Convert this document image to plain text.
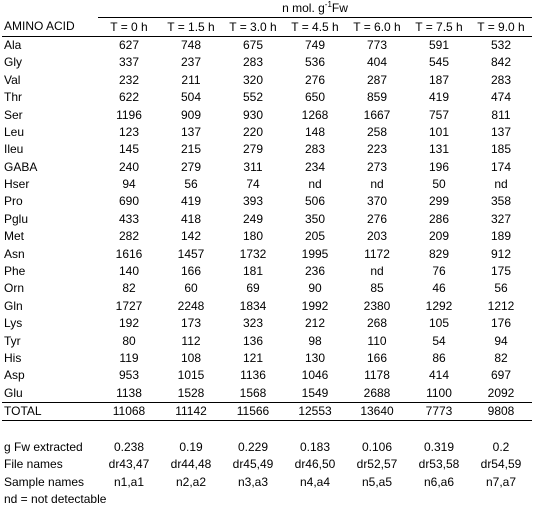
	n mol. $g^{-1}Fw$						
AMINO ACID	T = 0 h	T = 1.5 h	T = 3.0 h	T = 4.5 h	T = 6.0 h	T = 7.5 h	T = 9.0 h
Ala	627	748	675	749	773	591	532
Gly	337	237	283	536	404	545	842
Val	232	211	320	276	287	187	283
Thr	622	504	552	650	859	419	474
Ser	1196	909	930	1268	1667	757	811
Leu	123	137	220	148	258	101	137
Ileu	145	215	279	283	223	131	185
GABA	240	279	311	234	273	196	174
Hser	94	56	74	nd	nd	50	nd
Pro	690	419	393	506	370	299	358
Pglu	433	418	249	350	276	286	327
Met	282	142	180	205	203	209	189
Asn	1616	1457	1732	1995	1172	829	912
Phe	140	166	181	236	nd	76	175
Orn	82	60	69	90	85	46	56
Gln	1727	2248	1834	1992	2380	1292	1212
Lys	192	173	323	212	268	105	176
Tyr	80	112	136	98	110	54	94
His	119	108	121	130	166	86	82
Asp	953	1015	1136	1046	1178	414	697
Glu	1138	1528	1568	1549	2688	1100	2092
TOTAL	11068	11142	11566	12553	13640	7773	9808

g Fw extracted	0.238	0.19	0.229	0.183	0.106	0.319	0.2
File names	dr43,47	dr44,48	dr45,49	dr46,50	dr52,57	dr53,58	dr54,59
Sample names	n1,a1	n2,a2	n3,a3	n4,a4	n5,a5	n6,a6	n7,a7
nd = not detectable							
